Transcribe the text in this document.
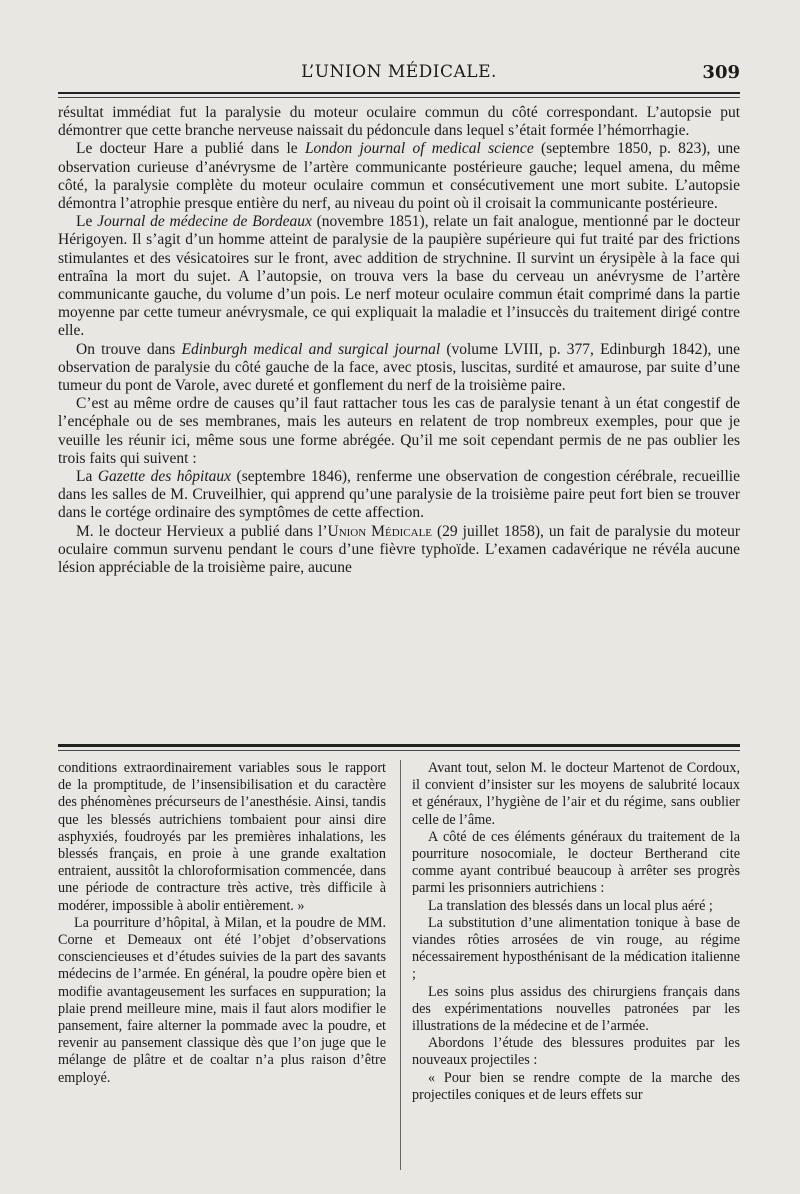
L’UNION MÉDICALE.	309

résultat immédiat fut la paralysie du moteur oculaire commun du côté correspondant. L’autopsie put démontrer que cette branche nerveuse naissait du pédoncule dans lequel s’était formée l’hémorrhagie.

Le docteur Hare a publié dans le London journal of medical science (septembre 1850, p. 823), une observation curieuse d’anévrysme de l’artère communicante postérieure gauche; lequel amena, du même côté, la paralysie complète du moteur oculaire commun et consécutivement une mort subite. L’autopsie démontra l’atrophie presque entière du nerf, au niveau du point où il croisait la communicante postérieure.

Le Journal de médecine de Bordeaux (novembre 1851), relate un fait analogue, mentionné par le docteur Hérigoyen. Il s’agit d’un homme atteint de paralysie de la paupière supérieure qui fut traité par des frictions stimulantes et des vésicatoires sur le front, avec addition de strychnine. Il survint un érysipèle à la face qui entraîna la mort du sujet. A l’autopsie, on trouva vers la base du cerveau un anévrysme de l’artère communicante gauche, du volume d’un pois. Le nerf moteur oculaire commun était comprimé dans la partie moyenne par cette tumeur anévrysmale, ce qui expliquait la maladie et l’insuccès du traitement dirigé contre elle.

On trouve dans Edinburgh medical and surgical journal (volume LVIII, p. 377, Edinburgh 1842), une observation de paralysie du côté gauche de la face, avec ptosis, luscitas, surdité et amaurose, par suite d’une tumeur du pont de Varole, avec dureté et gonflement du nerf de la troisième paire.

C’est au même ordre de causes qu’il faut rattacher tous les cas de paralysie tenant à un état congestif de l’encéphale ou de ses membranes, mais les auteurs en relatent de trop nombreux exemples, pour que je veuille les réunir ici, même sous une forme abrégée. Qu’il me soit cependant permis de ne pas oublier les trois faits qui suivent :

La Gazette des hôpitaux (septembre 1846), renferme une observation de congestion cérébrale, recueillie dans les salles de M. Cruveilhier, qui apprend qu’une paralysie de la troisième paire peut fort bien se trouver dans le cortége ordinaire des symptômes de cette affection.

M. le docteur Hervieux a publié dans l’Union Médicale (29 juillet 1858), un fait de paralysie du moteur oculaire commun survenu pendant le cours d’une fièvre typhoïde. L’examen cadavérique ne révéla aucune lésion appréciable de la troisième paire, aucune

conditions extraordinairement variables sous le rapport de la promptitude, de l’insensibilisation et du caractère des phénomènes précurseurs de l’anesthésie. Ainsi, tandis que les blessés autrichiens tombaient pour ainsi dire asphyxiés, foudroyés par les premières inhalations, les blessés français, en proie à une grande exaltation entraient, aussitôt la chloroformisation commencée, dans une période de contracture très active, très difficile à modérer, impossible à abolir entièrement. »

La pourriture d’hôpital, à Milan, et la poudre de MM. Corne et Demeaux ont été l’objet d’observations consciencieuses et d’études suivies de la part des savants médecins de l’armée. En général, la poudre opère bien et modifie avantageusement les surfaces en suppuration; la plaie prend meilleure mine, mais il faut alors modifier le pansement, faire alterner la pommade avec la poudre, et revenir au pansement classique dès que l’on juge que le mélange de plâtre et de coaltar n’a plus raison d’être employé.

Avant tout, selon M. le docteur Martenot de Cordoux, il convient d’insister sur les moyens de salubrité locaux et généraux, l’hygiène de l’air et du régime, sans oublier celle de l’âme.

A côté de ces éléments généraux du traitement de la pourriture nosocomiale, le docteur Bertherand cite comme ayant contribué beaucoup à arrêter ses progrès parmi les prisonniers autrichiens :

La translation des blessés dans un local plus aéré ;

La substitution d’une alimentation tonique à base de viandes rôties arrosées de vin rouge, au régime nécessairement hyposthénisant de la médication italienne ;

Les soins plus assidus des chirurgiens français dans des expérimentations nouvelles patronées par les illustrations de la médecine et de l’armée.

Abordons l’étude des blessures produites par les nouveaux projectiles :

« Pour bien se rendre compte de la marche des projectiles coniques et de leurs effets sur
